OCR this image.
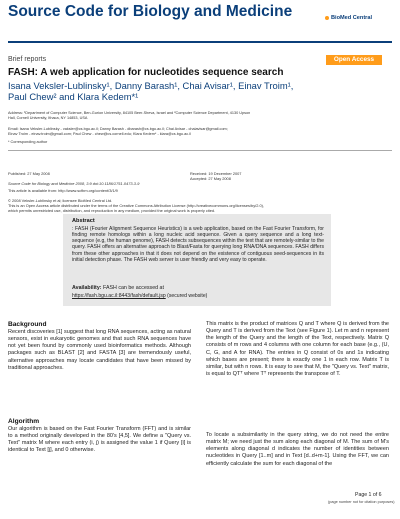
Source Code for Biology and Medicine	BioMed Central
Brief reports	Open Access
FASH: A web application for nucleotides sequence search
Isana Veksler-Lublinsky¹, Danny Barash¹, Chai Avisar¹, Einav Troim¹,
Paul Chew² and Klara Kedem*¹
Address: ¹Department of Computer Science, Ben-Gurion University, 84105 Beer-Sheva, Israel and ²Computer Science Department, 4130 Upson
Hall, Cornell University, Ithaca, NY 14853, USA
Email: Isana Veksler-Lublinsky - vaksler@cs.bgu.ac.il; Danny Barash - dbarash@cs.bgu.ac.il; Chai Avisar - chaiavisar@gmail.com;
Einav Troim - einav.troim@gmail.com; Paul Chew - chew@cs.cornell.edu; Klara Kedem* - klara@cs.bgu.ac.il
* Corresponding author
Published: 27 May 2008	Received: 19 December 2007
Accepted: 27 May 2008
Source Code for Biology and Medicine 2008, 3:9 doi:10.1186/1751-0473-3-9
This article is available from: http://www.scfbm.org/content/3/1/9
© 2008 Veksler-Lublinsky et al; licensee BioMed Central Ltd.
This is an Open Access article distributed under the terms of the Creative Commons Attribution License (http://creativecommons.org/licenses/by/2.0),
which permits unrestricted use, distribution, and reproduction in any medium, provided the original work is properly cited.
Abstract
: FASH (Fourier Alignment Sequence Heuristics) is a web application, based on the Fast Fourier Transform, for finding remote homologs within a long nucleic acid sequence. Given a query sequence and a long text-sequence (e.g, the human genome), FASH detects subsequences within the text that are remotely-similar to the query. FASH offers an alternative approach to Blast/Fasta for querying long RNA/DNA sequences. FASH differs from these other approaches in that it does not depend on the existence of contiguous seed-sequences in its initial detection phase. The FASH web server is user friendly and very easy to operate.
Availability: FASH can be accessed at
https://fash.bgu.ac.il:8443/fash/default.jsp (secured website)
Background
Recent discoveries [1] suggest that long RNA sequences, acting as natural sensors, exist in eukaryotic genomes and that such RNA sequences have not yet been found by commonly used bioinformatics methods. Although packages such as BLAST [2] and FASTA [3] are tremendously useful, alternative approaches may locate candidates that have been missed by traditional approaches.
Algorithm
Our algorithm is based on the Fast Fourier Transform (FFT) and is similar to a method originally developed in the 80's [4,5]. We define a "Query vs. Text" matrix M where each entry (i, j) is assigned the value 1 if Query [i] is identical to Text [j], and 0 otherwise.
This matrix is the product of matrices Q and T where Q is derived from the Query and T is derived from the Text (see Figure 1). Let m and n represent the length of the Query and the length of the Text, respectively. Matrix Q consists of m rows and 4 columns with one column for each base (e.g., (U, C, G, and A for RNA). The entries in Q consist of 0s and 1s indicating which bases are present; there is exactly one 1 in each row. Matrix T is similar, but with n rows. It is easy to see that M, the "Query vs. Text" matrix, is equal to QTᵀ where Tᵀ represents the transpose of T.
To locate a subsimilarity in the query string, we do not need the entire matrix M; we need just the sum along each diagonal of M. The sum of M's elements along diagonal d indicates the number of identities between nucleotides in Query [1..m] and in Text [d..d+m-1]. Using the FFT, we can efficiently calculate the sum for each diagonal of the
Page 1 of 6
(page number not for citation purposes)
